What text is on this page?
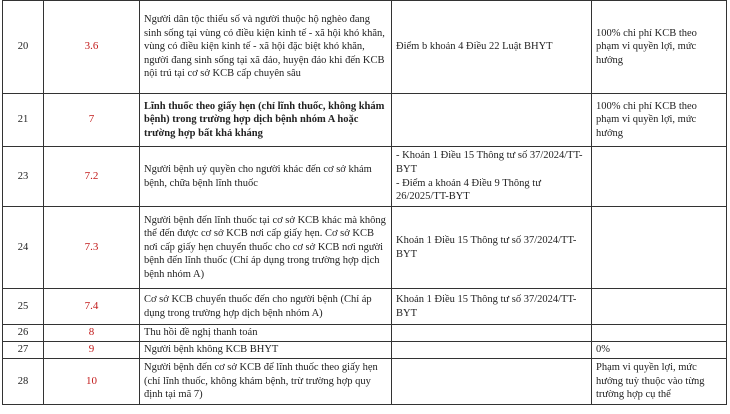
20	3.6	Người dân tộc thiểu số và người thuộc hộ nghèo đang sinh sống tại vùng có điều kiện kinh tế - xã hội khó khăn, vùng có điều kiện kinh tế - xã hội đặc biệt khó khăn, người đang sinh sống tại xã đảo, huyện đảo khi đến KCB nội trú tại cơ sở KCB cấp chuyên sâu	Điểm b khoản 4 Điều 22 Luật BHYT	100% chi phí KCB theo phạm vi quyền lợi, mức hưởng
21	7	Lĩnh thuốc theo giấy hẹn (chỉ lĩnh thuốc, không khám bệnh) trong trường hợp dịch bệnh nhóm A hoặc trường hợp bất khả kháng		100% chi phí KCB theo phạm vi quyền lợi, mức hưởng
23	7.2	Người bệnh uỷ quyền cho người khác đến cơ sở khám bệnh, chữa bệnh lĩnh thuốc	- Khoản 1 Điều 15 Thông tư số 37/2024/TT-BYT
- Điểm a khoản 4 Điều 9 Thông tư 26/2025/TT-BYT	

24	7.3	Người bệnh đến lĩnh thuốc tại cơ sở KCB khác mà không thể đến được cơ sở KCB nơi cấp giấy hẹn. Cơ sở KCB nơi cấp giấy hẹn chuyển thuốc cho cơ sở KCB nơi người bệnh đến lĩnh thuốc (Chỉ áp dụng trong trường hợp dịch bệnh nhóm A)	Khoản 1 Điều 15 Thông tư số 37/2024/TT-BYT	
25	7.4	Cơ sở KCB chuyển thuốc đến cho người bệnh (Chỉ áp dụng trong trường hợp dịch bệnh nhóm A)	Khoản 1 Điều 15 Thông tư số 37/2024/TT-BYT	
26	8	Thu hồi đề nghị thanh toán		
27	9	Người bệnh không KCB BHYT		0%
28	10	Người bệnh đến cơ sở KCB để lĩnh thuốc theo giấy hẹn (chỉ lĩnh thuốc, không khám bệnh, trừ trường hợp quy định tại mã 7)		Phạm vi quyền lợi, mức hưởng tuỳ thuộc vào từng trường hợp cụ thể
